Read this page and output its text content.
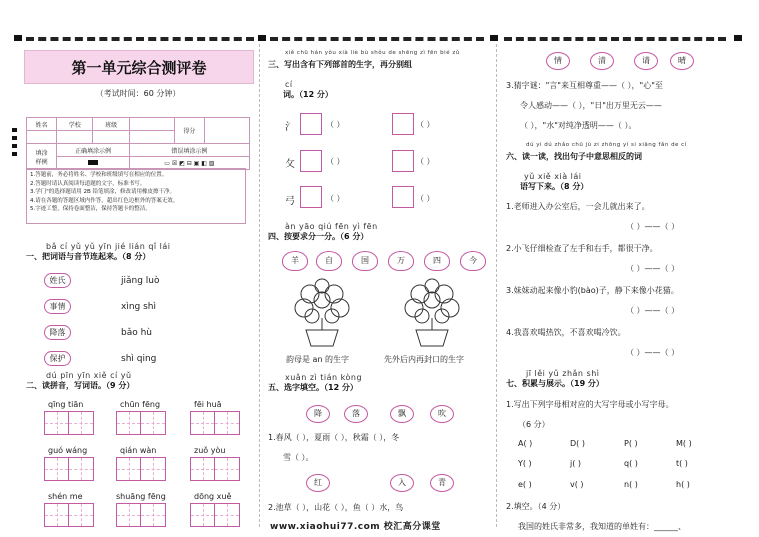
第一单元综合测评卷
（考试时间：60 分钟）
姓名	学校	班级		得分	

填涂
样例	正确填涂示例		错误填涂示例		
			▭ ☒ ◩ ⊟ ▣ ◧ ▨		
1.答题前，务必将姓名、学校和班级填写在相应的位置。
2.答题时请认真阅读每道题的文字，标准书写。
3.学门"的选择题请用 2B 铅笔填涂，修改请用橡皮擦干净。
4.请在各题的答题区域内作答，超出红色边框外的答案无效。
5.字迹工整，保持卷面整洁，保持答题卡的整洁。
bǎ cí yǔ yǔ yīn jié lián qǐ lái
一、把词语与音节连起来。（8 分）
姓氏
事情
降落
保护
jiǎng luò
xìng shì
bǎo hù
shì qing
dú pīn yīn xiě cí yǔ
二、读拼音，写词语。（9 分）
qīng tiān	chūn fēng	fēi huā
guó wáng	qián wàn	zuǒ yòu
shén me	shuāng fēng	dōng xuě
xiě chū hán yǒu xià liè bù shǒu de shēng zì fēn bié zǔ
三、写出含有下列部首的生字，再分别组
cí
词。（12 分）
氵	（ ）	（ ）
攵	（ ）	（ ）
弓	（ ）	（ ）
àn yāo qiú fēn yì fēn
四、按要求分一分。（6 分）
羊	自	国	万	四	今
韵母是 an 的生字	先外后内再封口的生字
xuǎn zì tián kòng
五、选字填空。（12 分）
降	落	飘	吹
1.春风（ ），夏雨（ ），秋霜（ ），冬
雪（ ）。
红	入	青
2.池草（ ），山花（ ），鱼（ ）水，鸟
情	清	请	晴
3.猜字谜："言"来互相尊重——（ ），"心"至
令人感动——（ ），"日"出万里无云——
（ ），"水"对纯净透明——（ ）。
dú yi dú zhǎo chū jù zi zhōng yì si xiāng fǎn de cí
六、读一读，找出句子中意思相反的词
yǔ xiě xià lái
语写下来。（8 分）
1.老师进入办公室后，一会儿就出来了。
（ ）——（ ）
2.小飞仔细检查了左手和右手，都很干净。
（ ）——（ ）
3.妹妹动起来像小豹(bào)子，静下来像小花猫。
（ ）——（ ）
4.我喜欢喝热饮，不喜欢喝冷饮。
（ ）——（ ）
jī lěi yǔ zhǎn shì
七、积累与展示。（19 分）
1.写出下列字母相对应的大写字母或小写字母。
（6 分）
A( )	D( )	P( )	M( )
Y( )	j( )	q( )	t( )
e( )	v( )	n( )	h( )
2.填空。（4 分）
我国的姓氏非常多，我知道的单姓有：______、
www.xiaohui77.com 校汇高分课堂
